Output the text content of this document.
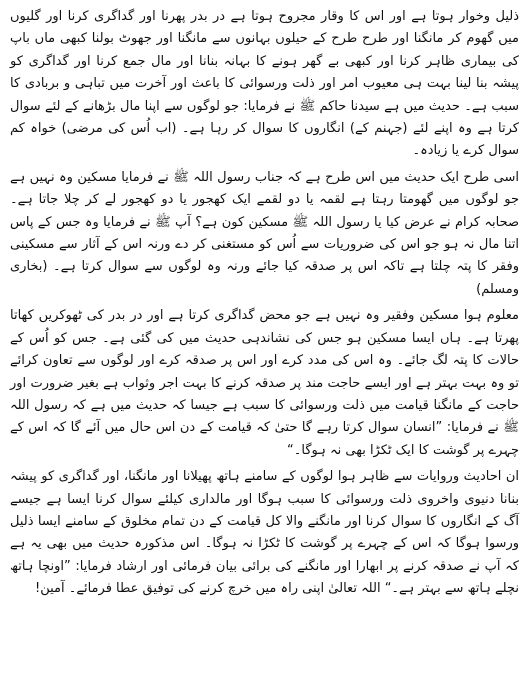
ذلیل وخوار ہوتا ہے اور اس کا وقار مجروح ہوتا ہے در بدر پھرنا اور گداگری کرنا اور گلیوں میں گھوم کر مانگنا اور طرح طرح کے حیلوں بہانوں سے مانگنا اور جھوٹ بولنا کبھی ماں باپ کی بیماری ظاہر کرنا اور کبھی بے گھر ہونے کا بہانہ بنانا اور مال جمع کرنا اور گداگری کو پیشہ بنا لینا بہت ہی معیوب امر اور ذلت ورسوائی کا باعث اور آخرت میں تباہی و بربادی کا سبب ہے۔ حدیث میں ہے سیدنا حاکم ﷺ نے فرمایا: جو لوگوں سے اپنا مال بڑھانے کے لئے سوال کرتا ہے وہ اپنے لئے (جہنم کے) انگاروں کا سوال کر رہا ہے۔ (اب اُس کی مرضی) خواہ کم سوال کرے یا زیادہ۔

اسی طرح ایک حدیث میں اس طرح ہے کہ جناب رسول اللہ ﷺ نے فرمایا مسکین وہ نہیں ہے جو لوگوں میں گھومتا رہتا ہے لقمہ یا دو لقمے ایک کھجور یا دو کھجور لے کر چلا جاتا ہے۔ صحابہ کرام نے عرض کیا یا رسول اللہ ﷺ مسکین کون ہے؟ آپ ﷺ نے فرمایا وہ جس کے پاس اتنا مال نہ ہو جو اس کی ضروریات سے اُس کو مستغنی کر دے ورنہ اس کے آثار سے مسکینی وفقر کا پتہ چلتا ہے تاکہ اس پر صدقہ کیا جائے ورنہ وہ لوگوں سے سوال کرتا ہے۔ (بخاری ومسلم)

معلوم ہوا مسکین وفقیر وہ نہیں ہے جو محض گداگری کرتا ہے اور در بدر کی ٹھوکریں کھاتا پھرتا ہے۔ ہاں ایسا مسکین ہو جس کی نشاندہی حدیث میں کی گئی ہے۔ جس کو اُس کے حالات کا پتہ لگ جائے۔ وہ اس کی مدد کرے اور اس پر صدقہ کرے اور لوگوں سے تعاون کرائے تو وہ بہت بہتر ہے اور ایسے حاجت مند پر صدقہ کرنے کا بہت اجر وثواب ہے بغیر ضرورت اور حاجت کے مانگنا قیامت میں ذلت ورسوائی کا سبب ہے جیسا کہ حدیث میں ہے کہ رسول اللہ ﷺ نے فرمایا: ”انسان سوال کرتا رہے گا حتیٰ کہ قیامت کے دن اس حال میں آئے گا کہ اس کے چہرے پر گوشت کا ایک ٹکڑا بھی نہ ہوگا۔“

ان احادیث وروایات سے ظاہر ہوا لوگوں کے سامنے ہاتھ پھیلانا اور مانگنا، اور گداگری کو پیشہ بنانا دنیوی واخروی ذلت ورسوائی کا سبب ہوگا اور مالداری کیلئے سوال کرنا ایسا ہے جیسے آگ کے انگاروں کا سوال کرنا اور مانگنے والا کل قیامت کے دن تمام مخلوق کے سامنے ایسا ذلیل ورسوا ہوگا کہ اس کے چہرے پر گوشت کا ٹکڑا نہ ہوگا۔ اس مذکورہ حدیث میں بھی یہ ہے کہ آپ نے صدقہ کرنے پر ابھارا اور مانگنے کی برائی بیان فرمائی اور ارشاد فرمایا: ”اونچا ہاتھ نچلے ہاتھ سے بہتر ہے۔“ اللہ تعالیٰ اپنی راہ میں خرچ کرنے کی توفیق عطا فرمائے۔ آمین!
